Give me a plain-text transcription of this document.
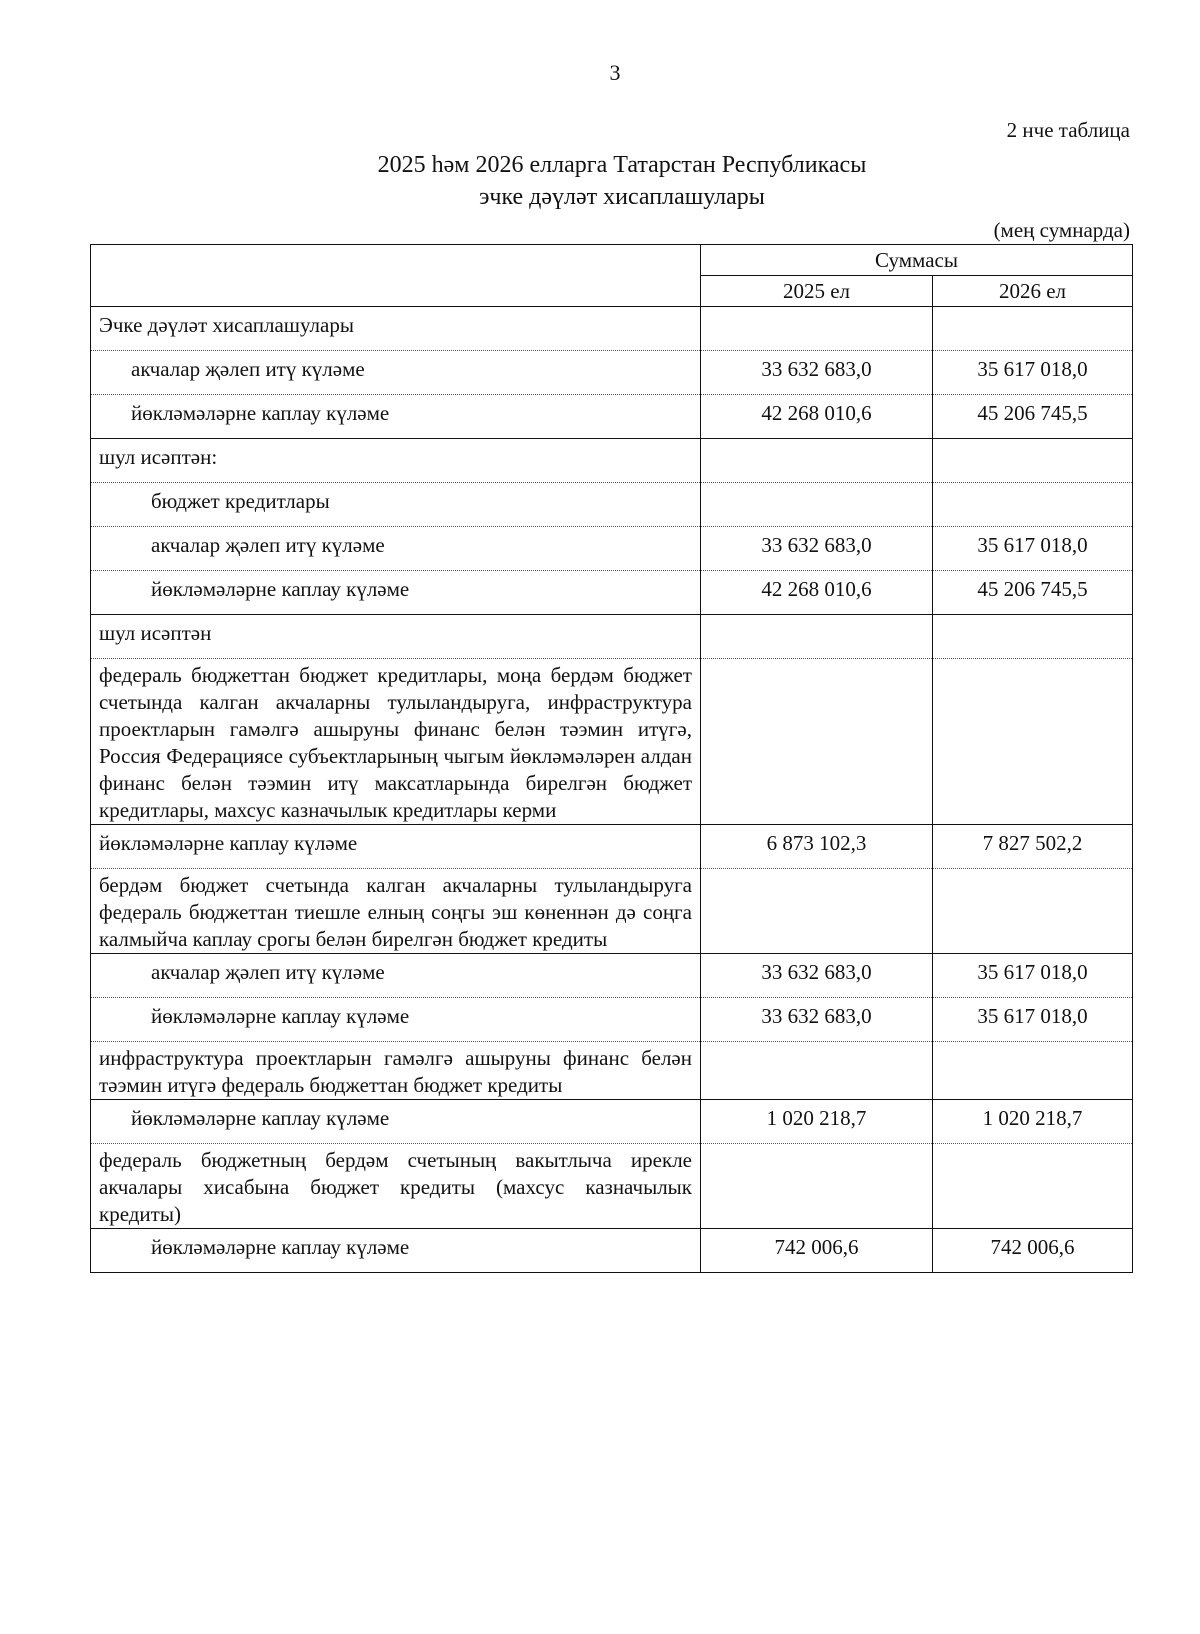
3
2 нче таблица
2025 һәм 2026 елларга Татарстан Республикасы
эчке дәүләт хисаплашулары
(мең сумнарда)
	Суммасы	
	2025 ел	2026 ел
Эчке дәүләт хисаплашулары		
акчалар җәлеп итү күләме	33 632 683,0	35 617 018,0
йөкләмәләрне каплау күләме	42 268 010,6	45 206 745,5
шул исәптән:		
бюджет кредитлары		
акчалар җәлеп итү күләме	33 632 683,0	35 617 018,0
йөкләмәләрне каплау күләме	42 268 010,6	45 206 745,5
шул исәптән		
федераль бюджеттан бюджет кредитлары, моңа бердәм бюджет счетында калган акчаларны тулыландыруга, инфраструктура проектларын гамәлгә ашыруны финанс белән тәэмин итүгә, Россия Федерациясе субъектларының чыгым йөкләмәләрен алдан финанс белән тәэмин итү максатларында бирелгән бюджет кредитлары, махсус казначылык кредитлары керми		
йөкләмәләрне каплау күләме	6 873 102,3	7 827 502,2
бердәм бюджет счетында калган акчаларны тулыландыруга федераль бюджеттан тиешле елның соңгы эш көненнән дә соңга калмыйча каплау срогы белән бирелгән бюджет кредиты		
акчалар җәлеп итү күләме	33 632 683,0	35 617 018,0
йөкләмәләрне каплау күләме	33 632 683,0	35 617 018,0
инфраструктура проектларын гамәлгә ашыруны финанс белән тәэмин итүгә федераль бюджеттан бюджет кредиты		
йөкләмәләрне каплау күләме	1 020 218,7	1 020 218,7
федераль бюджетның бердәм счетының вакытлыча ирекле акчалары хисабына бюджет кредиты (махсус казначылык кредиты)		
йөкләмәләрне каплау күләме	742 006,6	742 006,6
